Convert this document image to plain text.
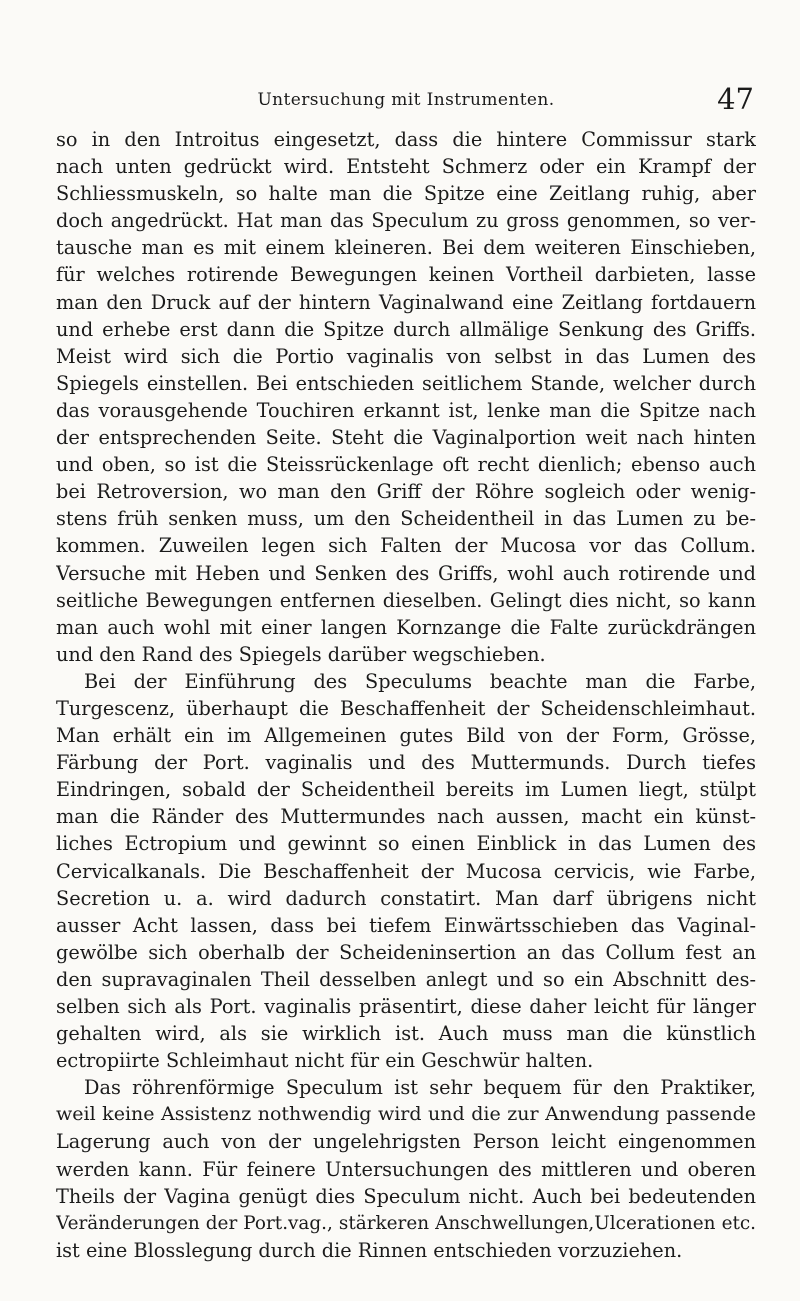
Untersuchung mit Instrumenten.	47
so in den Introitus eingesetzt, dass die hintere Commissur stark
nach unten gedrückt wird. Entsteht Schmerz oder ein Krampf der
Schliessmuskeln, so halte man die Spitze eine Zeitlang ruhig, aber
doch angedrückt. Hat man das Speculum zu gross genommen, so ver-
tausche man es mit einem kleineren. Bei dem weiteren Einschieben,
für welches rotirende Bewegungen keinen Vortheil darbieten, lasse
man den Druck auf der hintern Vaginalwand eine Zeitlang fortdauern
und erhebe erst dann die Spitze durch allmälige Senkung des Griffs.
Meist wird sich die Portio vaginalis von selbst in das Lumen des
Spiegels einstellen. Bei entschieden seitlichem Stande, welcher durch
das vorausgehende Touchiren erkannt ist, lenke man die Spitze nach
der entsprechenden Seite. Steht die Vaginalportion weit nach hinten
und oben, so ist die Steissrückenlage oft recht dienlich; ebenso auch
bei Retroversion, wo man den Griff der Röhre sogleich oder wenig-
stens früh senken muss, um den Scheidentheil in das Lumen zu be-
kommen. Zuweilen legen sich Falten der Mucosa vor das Collum.
Versuche mit Heben und Senken des Griffs, wohl auch rotirende und
seitliche Bewegungen entfernen dieselben. Gelingt dies nicht, so kann
man auch wohl mit einer langen Kornzange die Falte zurückdrängen
und den Rand des Spiegels darüber wegschieben.
Bei der Einführung des Speculums beachte man die Farbe,
Turgescenz, überhaupt die Beschaffenheit der Scheidenschleimhaut.
Man erhält ein im Allgemeinen gutes Bild von der Form, Grösse,
Färbung der Port. vaginalis und des Muttermunds. Durch tiefes
Eindringen, sobald der Scheidentheil bereits im Lumen liegt, stülpt
man die Ränder des Muttermundes nach aussen, macht ein künst-
liches Ectropium und gewinnt so einen Einblick in das Lumen des
Cervicalkanals. Die Beschaffenheit der Mucosa cervicis, wie Farbe,
Secretion u. a. wird dadurch constatirt. Man darf übrigens nicht
ausser Acht lassen, dass bei tiefem Einwärtsschieben das Vaginal-
gewölbe sich oberhalb der Scheideninsertion an das Collum fest an
den supravaginalen Theil desselben anlegt und so ein Abschnitt des-
selben sich als Port. vaginalis präsentirt, diese daher leicht für länger
gehalten wird, als sie wirklich ist. Auch muss man die künstlich
ectropiirte Schleimhaut nicht für ein Geschwür halten.
Das röhrenförmige Speculum ist sehr bequem für den Praktiker,
weil keine Assistenz nothwendig wird und die zur Anwendung passende
Lagerung auch von der ungelehrigsten Person leicht eingenommen
werden kann. Für feinere Untersuchungen des mittleren und oberen
Theils der Vagina genügt dies Speculum nicht. Auch bei bedeutenden
Veränderungen der Port.vag., stärkeren Anschwellungen,Ulcerationen etc.
ist eine Blosslegung durch die Rinnen entschieden vorzuziehen.
